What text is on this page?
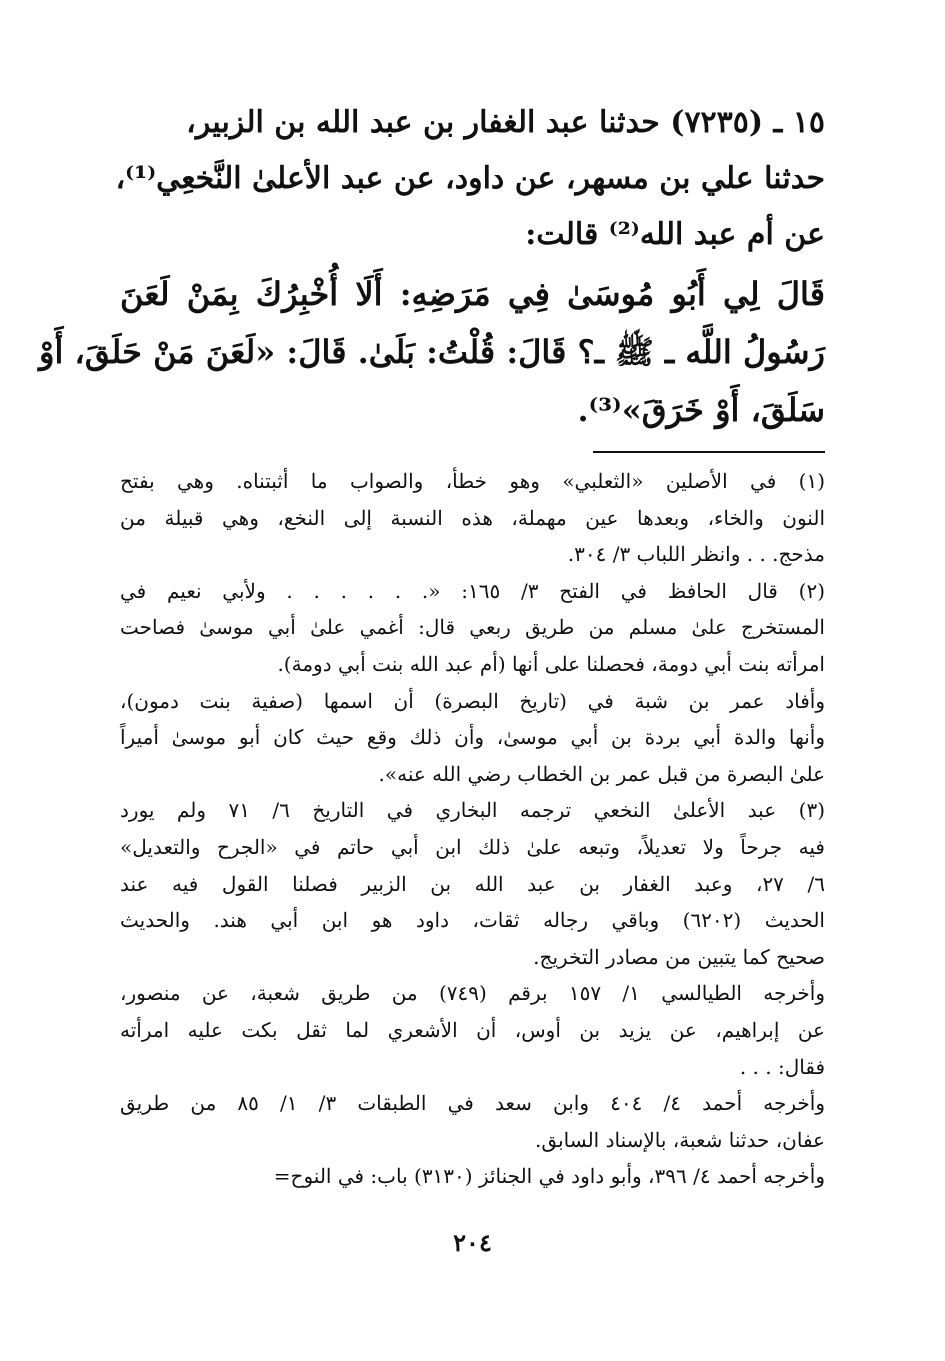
١٥ ـ (٧٢٣٥) حدثنا عبد الغفار بن عبد الله بن الزبير،
حدثنا علي بن مسهر، عن داود، عن عبد الأعلىٰ النَّخعِي⁽¹⁾،
عن أم عبد الله⁽²⁾ قالت:
قَالَ لِي أَبُو مُوسَىٰ فِي مَرَضِهِ: أَلَا أُخْبِرُكَ بِمَنْ لَعَنَ
رَسُولُ اللَّه ـ ﷺ ـ؟ قَالَ: قُلْتُ: بَلَىٰ. قَالَ: «لَعَنَ مَنْ حَلَقَ، أَوْ
سَلَقَ، أَوْ خَرَقَ»⁽³⁾.
(١) في الأصلين «الثعلبي» وهو خطأ، والصواب ما أثبتناه. وهي بفتح
النون والخاء، وبعدها عين مهملة، هذه النسبة إلى النخع، وهي قبيلة من
مذحج. . . وانظر اللباب ٣/ ٣٠٤.
(٢) قال الحافظ في الفتح ٣/ ١٦٥: «. . . . . . ولأبي نعيم في
المستخرج علىٰ مسلم من طريق ربعي قال: أغمي علىٰ أبي موسىٰ فصاحت
امرأته بنت أبي دومة، فحصلنا على أنها (أم عبد الله بنت أبي دومة).
وأفاد عمر بن شبة في (تاريخ البصرة) أن اسمها (صفية بنت دمون)،
وأنها والدة أبي بردة بن أبي موسىٰ، وأن ذلك وقع حيث كان أبو موسىٰ أميراً
علىٰ البصرة من قبل عمر بن الخطاب رضي الله عنه».
(٣) عبد الأعلىٰ النخعي ترجمه البخاري في التاريخ ٦/ ٧١ ولم يورد
فيه جرحاً ولا تعديلاً، وتبعه علىٰ ذلك ابن أبي حاتم في «الجرح والتعديل»
٦/ ٢٧، وعبد الغفار بن عبد الله بن الزبير فصلنا القول فيه عند
الحديث (٦٢٠٢) وباقي رجاله ثقات، داود هو ابن أبي هند. والحديث
صحيح كما يتبين من مصادر التخريج.
وأخرجه الطيالسي ١/ ١٥٧ برقم (٧٤٩) من طريق شعبة، عن منصور،
عن إبراهيم، عن يزيد بن أوس، أن الأشعري لما ثقل بكت عليه امرأته
فقال: . . .
وأخرجه أحمد ٤/ ٤٠٤ وابن سعد في الطبقات ٣/ ١/ ٨٥ من طريق
عفان، حدثنا شعبة، بالإسناد السابق.
وأخرجه أحمد ٤/ ٣٩٦، وأبو داود في الجنائز (٣١٣٠) باب: في النوح=
٢٠٤
